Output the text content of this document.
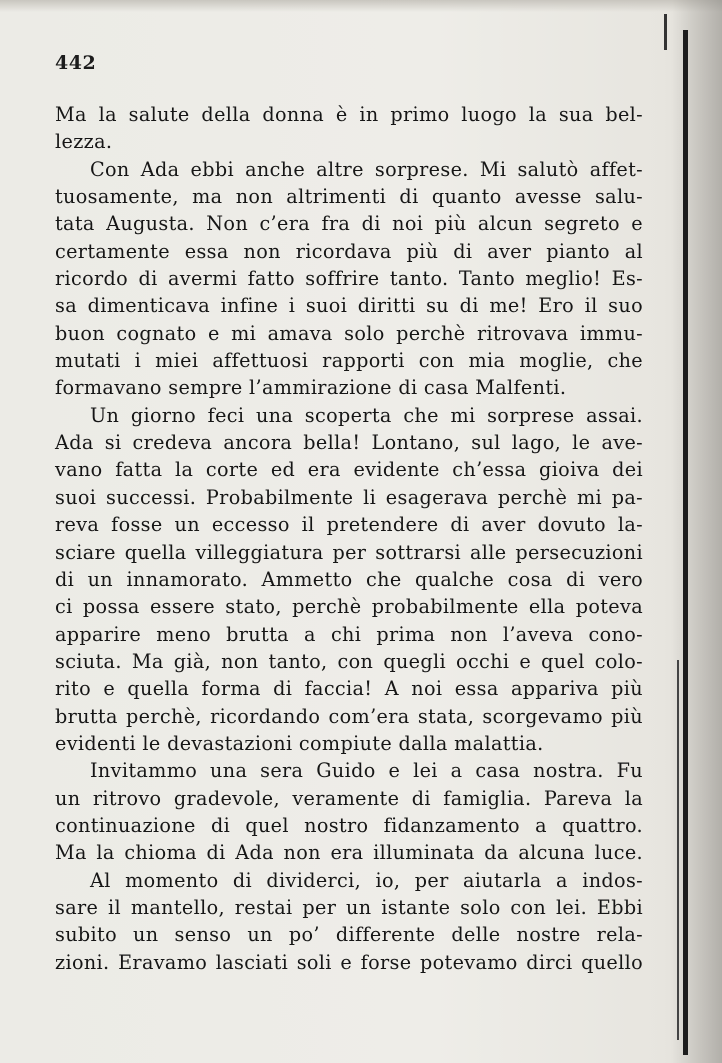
442

Ma la salute della donna è in primo luogo la sua bel-
lezza.

Con Ada ebbi anche altre sorprese. Mi salutò affet-
tuosamente, ma non altrimenti di quanto avesse salu-
tata Augusta. Non c’era fra di noi più alcun segreto e
certamente essa non ricordava più di aver pianto al
ricordo di avermi fatto soffrire tanto. Tanto meglio! Es-
sa dimenticava infine i suoi diritti su di me! Ero il suo
buon cognato e mi amava solo perchè ritrovava immu-
mutati i miei affettuosi rapporti con mia moglie, che
formavano sempre l’ammirazione di casa Malfenti.

Un giorno feci una scoperta che mi sorprese assai.
Ada si credeva ancora bella! Lontano, sul lago, le ave-
vano fatta la corte ed era evidente ch’essa gioiva dei
suoi successi. Probabilmente li esagerava perchè mi pa-
reva fosse un eccesso il pretendere di aver dovuto la-
sciare quella villeggiatura per sottrarsi alle persecuzioni
di un innamorato. Ammetto che qualche cosa di vero
ci possa essere stato, perchè probabilmente ella poteva
apparire meno brutta a chi prima non l’aveva cono-
sciuta. Ma già, non tanto, con quegli occhi e quel colo-
rito e quella forma di faccia! A noi essa appariva più
brutta perchè, ricordando com’era stata, scorgevamo più
evidenti le devastazioni compiute dalla malattia.

Invitammo una sera Guido e lei a casa nostra. Fu
un ritrovo gradevole, veramente di famiglia. Pareva la
continuazione di quel nostro fidanzamento a quattro.
Ma la chioma di Ada non era illuminata da alcuna luce.

Al momento di dividerci, io, per aiutarla a indos-
sare il mantello, restai per un istante solo con lei. Ebbi
subito un senso un po’ differente delle nostre rela-
zioni. Eravamo lasciati soli e forse potevamo dirci quello
